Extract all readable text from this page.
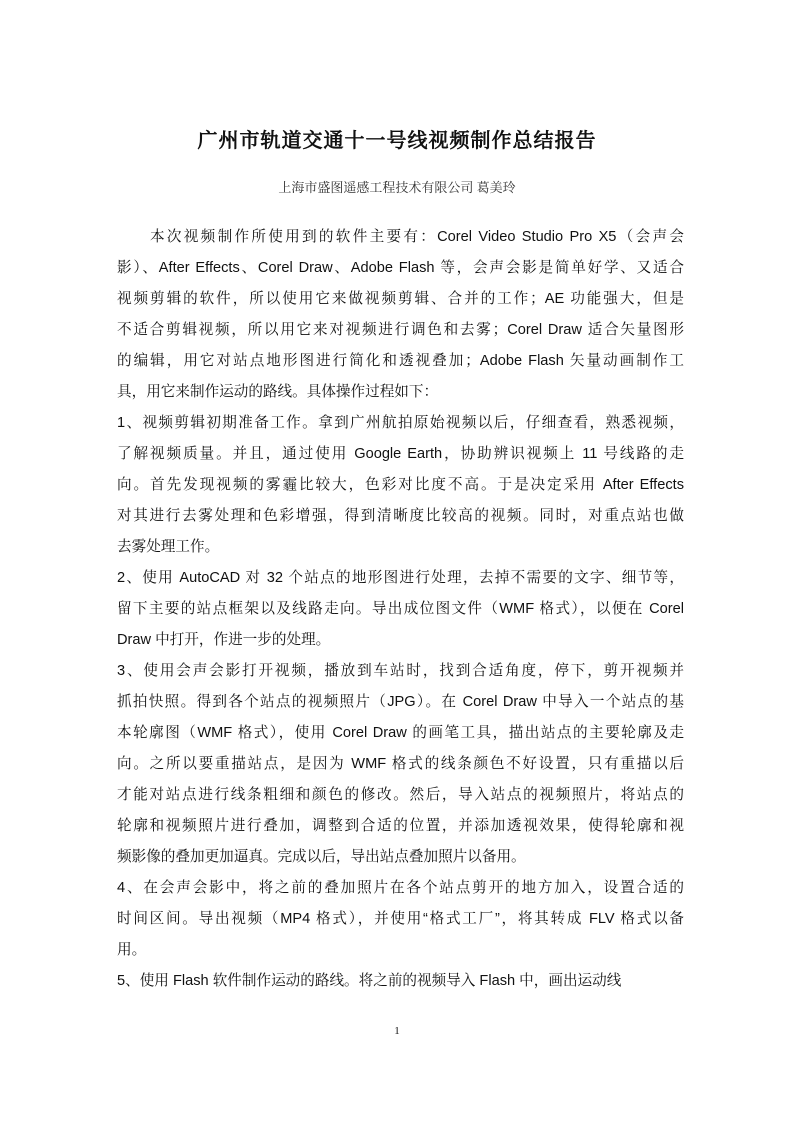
广州市轨道交通十一号线视频制作总结报告
上海市盛图遥感工程技术有限公司 葛美玲
本次视频制作所使用到的软件主要有：Corel Video Studio Pro X5（会声会
影）、After Effects、Corel Draw、Adobe Flash 等，会声会影是简单好学、又适合
视频剪辑的软件，所以使用它来做视频剪辑、合并的工作；AE 功能强大，但是
不适合剪辑视频，所以用它来对视频进行调色和去雾；Corel Draw 适合矢量图形
的编辑，用它对站点地形图进行简化和透视叠加；Adobe Flash 矢量动画制作工
具，用它来制作运动的路线。具体操作过程如下：
1、视频剪辑初期准备工作。拿到广州航拍原始视频以后，仔细查看，熟悉视频，
了解视频质量。并且，通过使用 Google Earth，协助辨识视频上 11 号线路的走
向。首先发现视频的雾霾比较大，色彩对比度不高。于是决定采用 After Effects
对其进行去雾处理和色彩增强，得到清晰度比较高的视频。同时，对重点站也做
去雾处理工作。
2、使用 AutoCAD 对 32 个站点的地形图进行处理，去掉不需要的文字、细节等，
留下主要的站点框架以及线路走向。导出成位图文件（WMF 格式），以便在 Corel
Draw 中打开，作进一步的处理。
3、使用会声会影打开视频，播放到车站时，找到合适角度，停下，剪开视频并
抓拍快照。得到各个站点的视频照片（JPG）。在 Corel Draw 中导入一个站点的基
本轮廓图（WMF 格式），使用 Corel Draw 的画笔工具，描出站点的主要轮廓及走
向。之所以要重描站点，是因为 WMF 格式的线条颜色不好设置，只有重描以后
才能对站点进行线条粗细和颜色的修改。然后，导入站点的视频照片，将站点的
轮廓和视频照片进行叠加，调整到合适的位置，并添加透视效果，使得轮廓和视
频影像的叠加更加逼真。完成以后，导出站点叠加照片以备用。
4、在会声会影中，将之前的叠加照片在各个站点剪开的地方加入，设置合适的
时间区间。导出视频（MP4 格式），并使用“格式工厂”，将其转成 FLV 格式以备
用。
5、使用 Flash 软件制作运动的路线。将之前的视频导入 Flash 中，画出运动线
1
